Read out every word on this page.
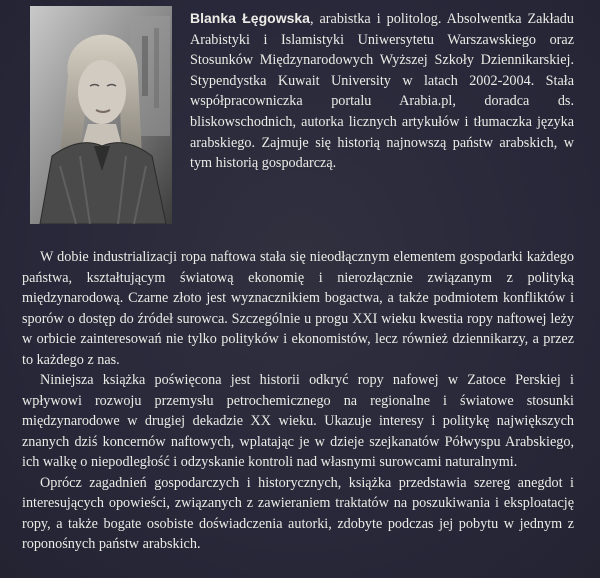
Blanka Łęgowska, arabistka i politolog. Absolwentka Zakładu Arabistyki i Islamistyki Uniwersytetu Warszawskiego oraz Stosunków Międzynarodowych Wyższej Szkoły Dziennikarskiej. Stypendystka Kuwait University w latach 2002-2004. Stała współpracowniczka portalu Arabia.pl, doradca ds. bliskowschodnich, autorka licznych artykułów i tłumaczka języka arabskiego. Zajmuje się historią najnowszą państw arabskich, w tym historią gospodarczą.

W dobie industrializacji ropa naftowa stała się nieodłącznym elementem gospodarki każdego państwa, kształtującym światową ekonomię i nierozłącznie związanym z polityką międzynarodową. Czarne złoto jest wyznacznikiem bogactwa, a także podmiotem konfliktów i sporów o dostęp do źródeł surowca. Szczególnie u progu XXI wieku kwestia ropy naftowej leży w orbicie zainteresowań nie tylko polityków i ekonomistów, lecz również dziennikarzy, a przez to każdego z nas.

Niniejsza książka poświęcona jest historii odkryć ropy nafowej w Zatoce Perskiej i wpływowi rozwoju przemysłu petrochemicznego na regionalne i światowe stosunki międzynarodowe w drugiej dekadzie XX wieku. Ukazuje interesy i politykę największych znanych dziś koncernów naftowych, wplatając je w dzieje szejkanatów Półwyspu Arabskiego, ich walkę o niepodległość i odzyskanie kontroli nad własnymi surowcami naturalnymi.

Oprócz zagadnień gospodarczych i historycznych, książka przedstawia szereg anegdot i interesujących opowieści, związanych z zawieraniem traktatów na poszukiwania i eksploatację ropy, a także bogate osobiste doświadczenia autorki, zdobyte podczas jej pobytu w jednym z roponośnych państw arabskich.
